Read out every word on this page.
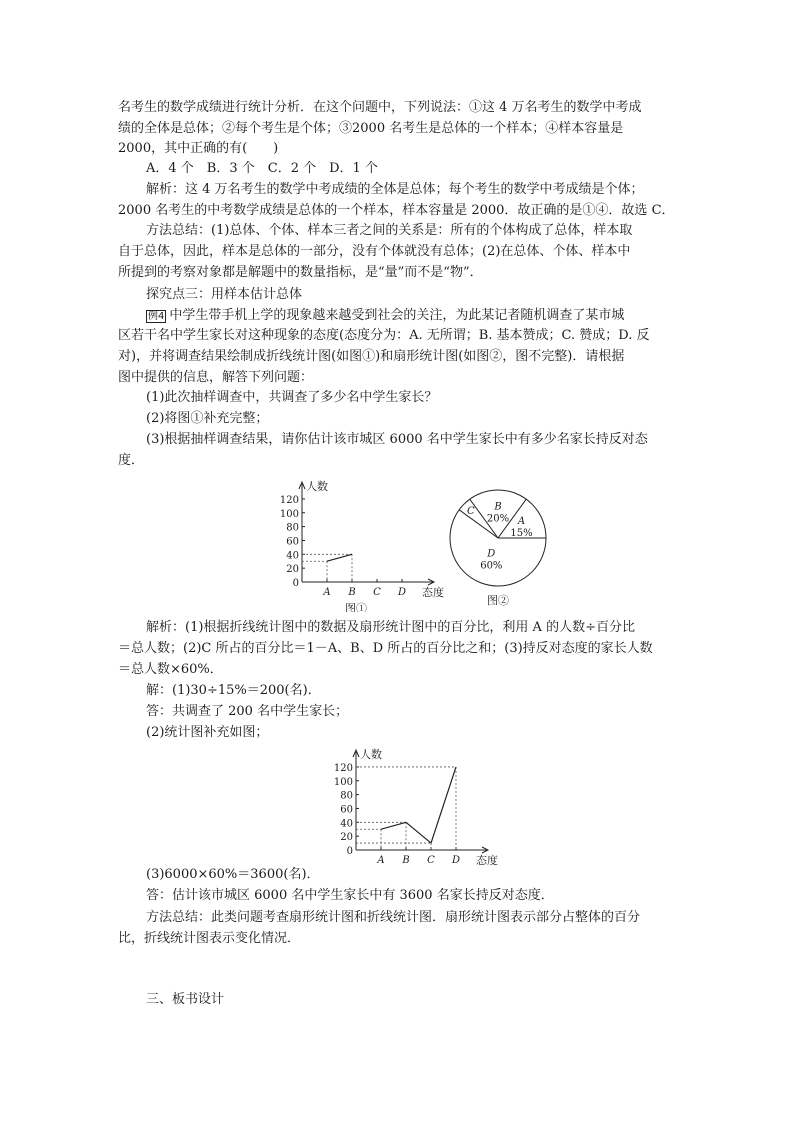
名考生的数学成绩进行统计分析．在这个问题中，下列说法：①这 4 万名考生的数学中考成
绩的全体是总体；②每个考生是个体；③2000 名考生是总体的一个样本；④样本容量是
2000，其中正确的有(　　)
A．4 个　B．3 个　C．2 个　D．1 个
解析：这 4 万名考生的数学中考成绩的全体是总体；每个考生的数学中考成绩是个体；
2000 名考生的中考数学成绩是总体的一个样本，样本容量是 2000．故正确的是①④．故选 C．
方法总结：(1)总体、个体、样本三者之间的关系是：所有的个体构成了总体，样本取
自于总体，因此，样本是总体的一部分，没有个体就没有总体；(2)在总体、个体、样本中
所提到的考察对象都是解题中的数量指标，是“量”而不是“物”．
探究点三：用样本估计总体
例4 中学生带手机上学的现象越来越受到社会的关注，为此某记者随机调查了某市城
区若干名中学生家长对这种现象的态度(态度分为：A. 无所谓；B. 基本赞成；C. 赞成；D. 反
对)，并将调查结果绘制成折线统计图(如图①)和扇形统计图(如图②，图不完整)．请根据
图中提供的信息，解答下列问题：
(1)此次抽样调查中，共调查了多少名中学生家长？
(2)将图①补充完整；
(3)根据抽样调查结果，请你估计该市城区 6000 名中学生家长中有多少名家长持反对态
度．
人数
态度
0
20
40
60
80
100
120
A B C D
图①
A
15%
B
20%
C
D
60%
图②
解析：(1)根据折线统计图中的数据及扇形统计图中的百分比，利用 A 的人数÷百分比
＝总人数；(2)C 所占的百分比＝1－A、B、D 所占的百分比之和；(3)持反对态度的家长人数
＝总人数×60%．
解：(1)30÷15%＝200(名)．
答：共调查了 200 名中学生家长；
(2)统计图补充如图；
人数
态度
0
20
40
60
80
100
120
A B C D
(3)6000×60%＝3600(名)．
答：估计该市城区 6000 名中学生家长中有 3600 名家长持反对态度．
方法总结：此类问题考查扇形统计图和折线统计图．扇形统计图表示部分占整体的百分
比，折线统计图表示变化情况．
三、板书设计
